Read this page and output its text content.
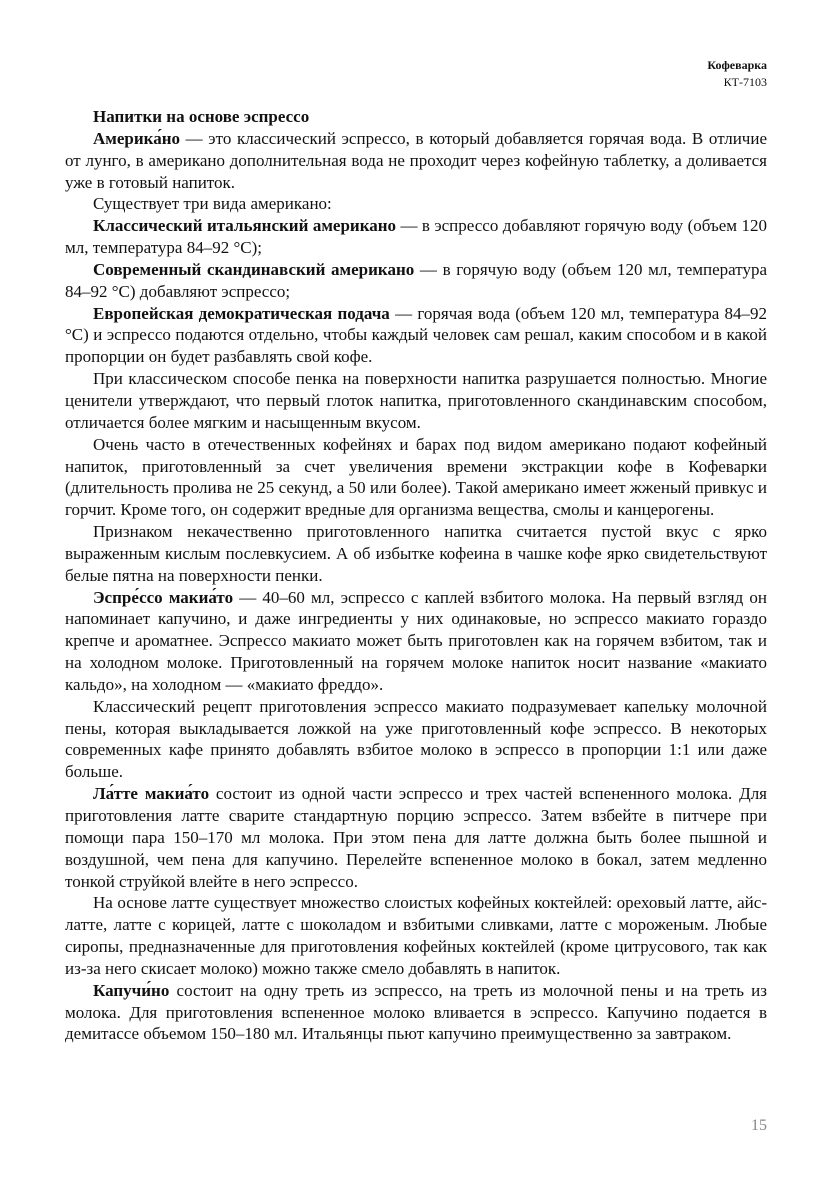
Кофеварка
КТ-7103

Напитки на основе эспрессо

Америка́но — это классический эспрессо, в который добавляется горячая вода. В отличие от лунго, в американо дополнительная вода не проходит через кофейную таблетку, а доливается уже в готовый напиток.

Существует три вида американо:

Классический итальянский американо — в эспрессо добавляют горячую воду (объем 120 мл, температура 84–92 °С);

Современный скандинавский американо — в горячую воду (объем 120 мл, температура 84–92 °С) добавляют эспрессо;

Европейская демократическая подача — горячая вода (объем 120 мл, температура 84–92 °С) и эспрессо подаются отдельно, чтобы каждый человек сам решал, каким способом и в какой пропорции он будет разбавлять свой кофе.

При классическом способе пенка на поверхности напитка разрушается полностью. Многие ценители утверждают, что первый глоток напитка, приготовленного скандинавским способом, отличается более мягким и насыщенным вкусом.

Очень часто в отечественных кофейнях и барах под видом американо подают кофейный напиток, приготовленный за счет увеличения времени экстракции кофе в Кофеварки (длительность пролива не 25 секунд, а 50 или более). Такой американо имеет жженый привкус и горчит. Кроме того, он содержит вредные для организма вещества, смолы и канцерогены.

Признаком некачественно приготовленного напитка считается пустой вкус с ярко выраженным кислым послевкусием. А об избытке кофеина в чашке кофе ярко свидетельствуют белые пятна на поверхности пенки.

Эспре́ссо макиа́то — 40–60 мл, эспрессо с каплей взбитого молока. На первый взгляд он напоминает капучино, и даже ингредиенты у них одинаковые, но эспрессо макиато гораздо крепче и ароматнее. Эспрессо макиато может быть приготовлен как на горячем взбитом, так и на холодном молоке. Приготовленный на горячем молоке напиток носит название «макиато кальдо», на холодном — «макиато фреддо».

Классический рецепт приготовления эспрессо макиато подразумевает капельку молочной пены, которая выкладывается ложкой на уже приготовленный кофе эспрессо. В некоторых современных кафе принято добавлять взбитое молоко в эспрессо в пропорции 1:1 или даже больше.

Ла́тте макиа́то состоит из одной части эспрессо и трех частей вспененного молока. Для приготовления латте сварите стандартную порцию эспрессо. Затем взбейте в питчере при помощи пара 150–170 мл молока. При этом пена для латте должна быть более пышной и воздушной, чем пена для капучино. Перелейте вспененное молоко в бокал, затем медленно тонкой струйкой влейте в него эспрессо.

На основе латте существует множество слоистых кофейных коктейлей: ореховый латте, айс-латте, латте с корицей, латте с шоколадом и взбитыми сливками, латте с мороженым. Любые сиропы, предназначенные для приготовления кофейных коктейлей (кроме цитрусового, так как из-за него скисает молоко) можно также смело добавлять в напиток.

Капучи́но состоит на одну треть из эспрессо, на треть из молочной пены и на треть из молока. Для приготовления вспененное молоко вливается в эспрессо. Капучино подается в демитассе объемом 150–180 мл. Итальянцы пьют капучино преимущественно за завтраком.

15
